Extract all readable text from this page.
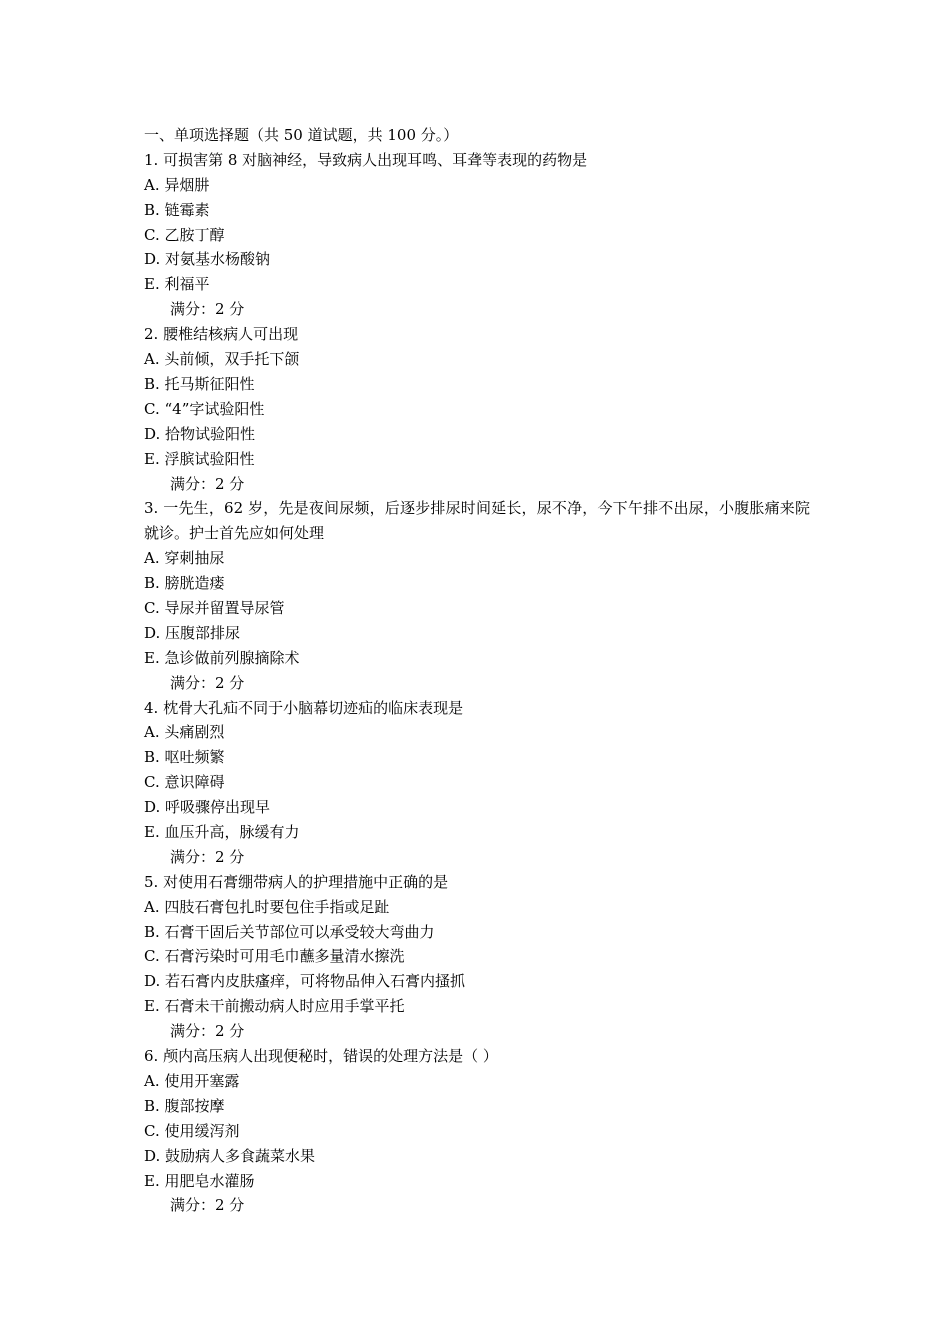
一、单项选择题（共 50 道试题，共 100 分。）
1. 可损害第 8 对脑神经，导致病人出现耳鸣、耳聋等表现的药物是
A. 异烟肼
B. 链霉素
C. 乙胺丁醇
D. 对氨基水杨酸钠
E. 利福平
满分：2 分
2. 腰椎结核病人可出现
A. 头前倾，双手托下颌
B. 托马斯征阳性
C. “4”字试验阳性
D. 拾物试验阳性
E. 浮膑试验阳性
满分：2 分
3. 一先生，62 岁，先是夜间尿频，后逐步排尿时间延长，尿不净，今下午排不出尿，小腹胀痛来院就诊。护士首先应如何处理
A. 穿刺抽尿
B. 膀胱造瘘
C. 导尿并留置导尿管
D. 压腹部排尿
E. 急诊做前列腺摘除术
满分：2 分
4. 枕骨大孔疝不同于小脑幕切迹疝的临床表现是
A. 头痛剧烈
B. 呕吐频繁
C. 意识障碍
D. 呼吸骤停出现早
E. 血压升高，脉缓有力
满分：2 分
5. 对使用石膏绷带病人的护理措施中正确的是
A. 四肢石膏包扎时要包住手指或足趾
B. 石膏干固后关节部位可以承受较大弯曲力
C. 石膏污染时可用毛巾蘸多量清水擦洗
D. 若石膏内皮肤瘙痒，可将物品伸入石膏内搔抓
E. 石膏未干前搬动病人时应用手掌平托
满分：2 分
6. 颅内高压病人出现便秘时，错误的处理方法是（ ）
A. 使用开塞露
B. 腹部按摩
C. 使用缓泻剂
D. 鼓励病人多食蔬菜水果
E. 用肥皂水灌肠
满分：2 分
